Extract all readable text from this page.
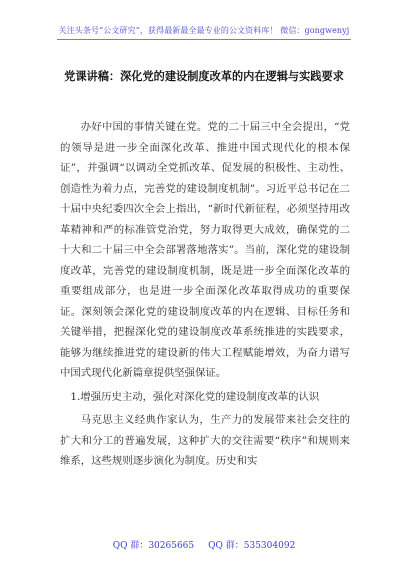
关注头条号“公文研究”，获得最新最全最专业的公文资料库！ 微信：gongwenyj
党课讲稿：深化党的建设制度改革的内在逻辑与实践要求

办好中国的事情关键在党。党的二十届三中全会提出，“党的领导是进一步全面深化改革、推进中国式现代化的根本保证”，并强调“以调动全党抓改革、促发展的积极性、主动性、创造性为着力点，完善党的建设制度机制”。习近平总书记在二十届中央纪委四次全会上指出，“新时代新征程，必须坚持用改革精神和严的标准管党治党，努力取得更大成效，确保党的二十大和二十届三中全会部署落地落实”。当前，深化党的建设制度改革，完善党的建设制度机制，既是进一步全面深化改革的重要组成部分，也是进一步全面深化改革取得成功的重要保证。深刻领会深化党的建设制度改革的内在逻辑、目标任务和关键举措，把握深化党的建设制度改革系统推进的实践要求，能够为继续推进党的建设新的伟大工程赋能增效，为奋力谱写中国式现代化新篇章提供坚强保证。

1.增强历史主动，强化对深化党的建设制度改革的认识

马克思主义经典作家认为，生产力的发展带来社会交往的扩大和分工的普遍发展，这种扩大的交往需要“秩序”和规则来维系，这些规则逐步演化为制度。历史和实

QQ 群：30265665 QQ 群：535304092
